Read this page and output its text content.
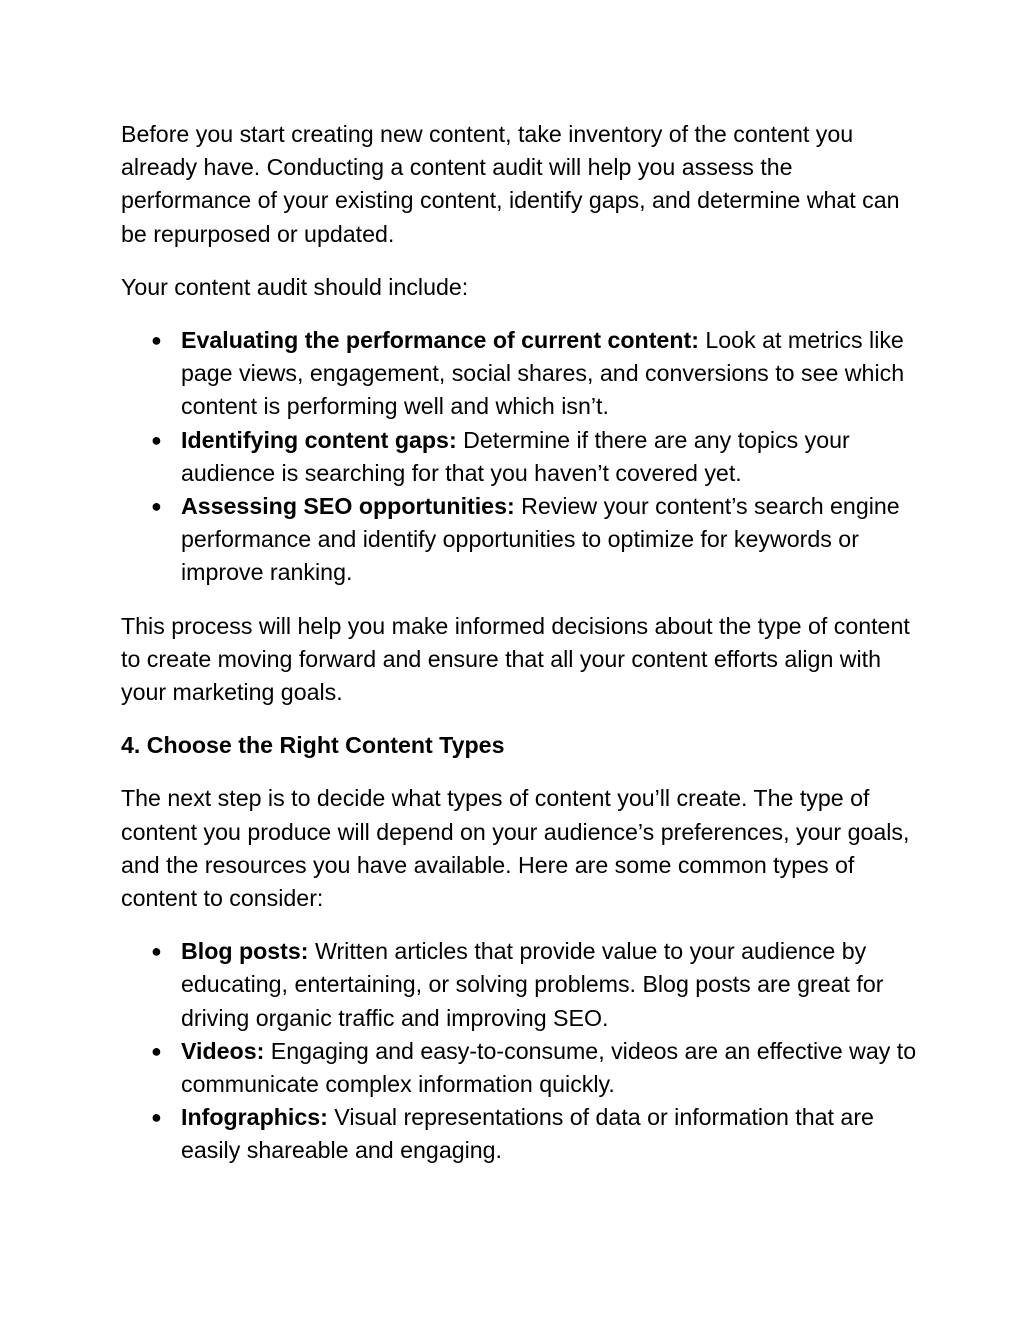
Before you start creating new content, take inventory of the content you already have. Conducting a content audit will help you assess the performance of your existing content, identify gaps, and determine what can be repurposed or updated.

Your content audit should include:

● Evaluating the performance of current content: Look at metrics like page views, engagement, social shares, and conversions to see which content is performing well and which isn’t.
● Identifying content gaps: Determine if there are any topics your audience is searching for that you haven’t covered yet.
● Assessing SEO opportunities: Review your content’s search engine performance and identify opportunities to optimize for keywords or improve ranking.

This process will help you make informed decisions about the type of content to create moving forward and ensure that all your content efforts align with your marketing goals.

4. Choose the Right Content Types

The next step is to decide what types of content you’ll create. The type of content you produce will depend on your audience’s preferences, your goals, and the resources you have available. Here are some common types of content to consider:

● Blog posts: Written articles that provide value to your audience by educating, entertaining, or solving problems. Blog posts are great for driving organic traffic and improving SEO.
● Videos: Engaging and easy-to-consume, videos are an effective way to communicate complex information quickly.
● Infographics: Visual representations of data or information that are easily shareable and engaging.
